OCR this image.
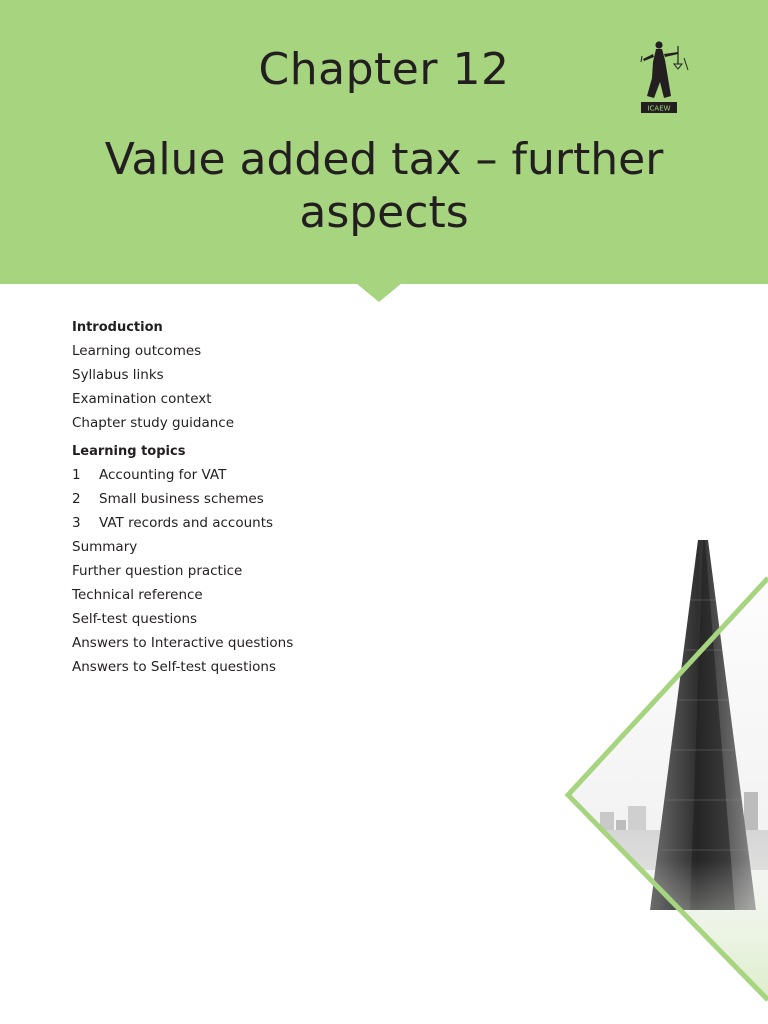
Chapter 12
Value added tax – further aspects
ICAEW
Introduction
Learning outcomes
Syllabus links
Examination context
Chapter study guidance
Learning topics
1 Accounting for VAT
2 Small business schemes
3 VAT records and accounts
Summary
Further question practice
Technical reference
Self-test questions
Answers to Interactive questions
Answers to Self-test questions
